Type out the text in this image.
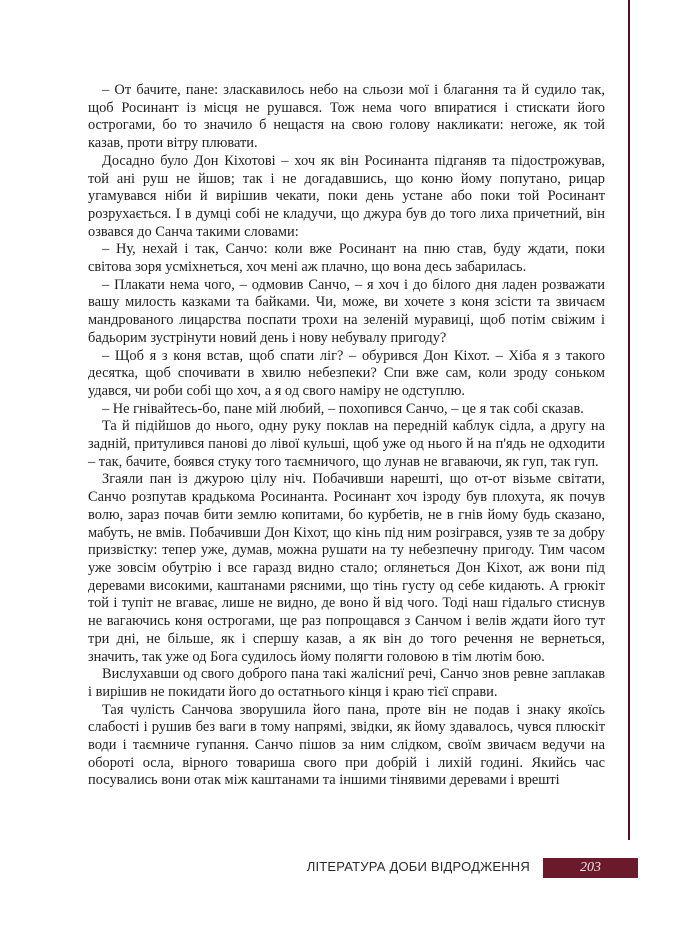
– От бачите, пане: зласкавилось небо на сльози мої і благання та й судило так, щоб Росинант із місця не рушався. Тож нема чого впиратися і стискати його острогами, бо то значило б нещастя на свою голову накликати: негоже, як той казав, проти вітру плювати.

Досадно було Дон Кіхотові – хоч як він Росинанта підганяв та підострожував, той ані руш не йшов; так і не догадавшись, що коню йому попутано, рицар угамувався ніби й вирішив чекати, поки день устане або поки той Росинант розрухається. І в думці собі не кладучи, що джура був до того лиха причетний, він озвався до Санча такими словами:

– Ну, нехай і так, Санчо: коли вже Росинант на пню став, буду ждати, поки світова зоря усміхнеться, хоч мені аж плачно, що вона десь забарилась.

– Плакати нема чого, – одмовив Санчо, – я хоч і до білого дня ладен розважати вашу милость казками та байками. Чи, може, ви хочете з коня зсісти та звичаєм мандрованого лицарства поспати трохи на зеленій муравиці, щоб потім свіжим і бадьорим зустрінути новий день і нову небувалу пригоду?

– Щоб я з коня встав, щоб спати ліг? – обурився Дон Кіхот. – Хіба я з такого десятка, щоб спочивати в хвилю небезпеки? Спи вже сам, коли зроду соньком удався, чи роби собі що хоч, а я од свого наміру не одступлю.

– Не гнівайтесь-бо, пане мій любий, – похопився Санчо, – це я так собі сказав.

Та й підійшов до нього, одну руку поклав на передній каблук сідла, а другу на задній, притулився панові до лівої кульші, щоб уже од нього й на п'ядь не одходити – так, бачите, боявся стуку того таємничого, що лунав не вгаваючи, як гуп, так гуп.

Згаяли пан із джурою цілу ніч. Побачивши нарешті, що от-от візьме світати, Санчо розпутав крадькома Росинанта. Росинант хоч ізроду був плохута, як почув волю, зараз почав бити землю копитами, бо курбетів, не в гнів йому будь сказано, мабуть, не вмів. Побачивши Дон Кіхот, що кінь під ним розігрався, узяв те за добру призвістку: тепер уже, думав, можна рушати на ту небезпечну пригоду. Тим часом уже зовсім обутрію і все гаразд видно стало; оглянеться Дон Кіхот, аж вони під деревами високими, каштанами рясними, що тінь густу од себе кидають. А грюкіт той і тупіт не вгаває, лише не видно, де воно й від чого. Тоді наш гідальго стиснув не вагаючись коня острогами, ще раз попрощався з Санчом і велів ждати його тут три дні, не більше, як і спершу казав, а як він до того речення не вернеться, значить, так уже од Бога судилось йому полягти головою в тім лютім бою.

Вислухавши од свого доброго пана такі жалісниї речі, Санчо знов ревне заплакав і вирішив не покидати його до остатнього кінця і краю тієї справи.

Тая чулість Санчова зворушила його пана, проте він не подав і знаку якоїсь слабості і рушив без ваги в тому напрямі, звідки, як йому здавалось, чувся плюскіт води і таємниче гупання. Санчо пішов за ним слідком, своїм звичаєм ведучи на обороті осла, вірного товариша свого при добрій і лихій годині. Якийсь час посувались вони отак між каштанами та іншими тінявими деревами і врешті

ЛІТЕРАТУРА ДОБИ ВІДРОДЖЕННЯ	203
